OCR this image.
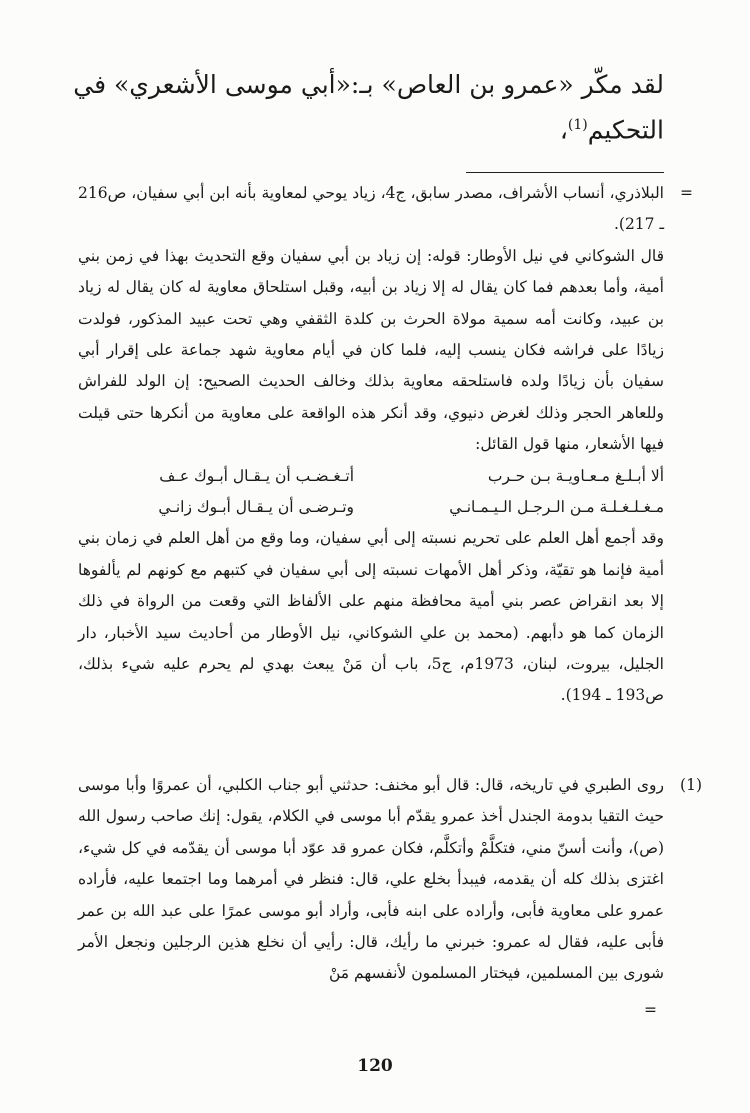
لقد مكّر «عمرو بن العاص» بـ:«أبي موسى الأشعري» في التحكيم$^{(1)}$،
=

البلاذري، أنساب الأشراف، مصدر سابق، ج4، زياد يوحي لمعاوية بأنه ابن أبي سفيان، ص216 ـ 217).

قال الشوكاني في نيل الأوطار: قوله: إن زياد بن أبي سفيان وقع التحديث بهذا في زمن بني أمية، وأما بعدهم فما كان يقال له إلا زياد بن أبيه، وقبل استلحاق معاوية له كان يقال له زياد بن عبيد، وكانت أمه سمية مولاة الحرث بن كلدة الثقفي وهي تحت عبيد المذكور، فولدت زيادًا على فراشه فكان ينسب إليه، فلما كان في أيام معاوية شهد جماعة على إقرار أبي سفيان بأن زيادًا ولده فاستلحقه معاوية بذلك وخالف الحديث الصحيح: إن الولد للفراش وللعاهر الحجر وذلك لغرض دنيوي، وقد أنكر هذه الواقعة على معاوية من أنكرها حتى قيلت فيها الأشعار، منها قول القائل:

ألا أبـلـغ مـعـاويـة بـن حـرب
أتـغـضـب أن يـقـال أبـوك عـف
مـغـلـغـلـة مـن الـرجـل الـيـمـانـي
وتـرضـى أن يـقـال أبـوك زانـي

وقد أجمع أهل العلم على تحريم نسبته إلى أبي سفيان، وما وقع من أهل العلم في زمان بني أمية فإنما هو تقيّة، وذكر أهل الأمهات نسبته إلى أبي سفيان في كتبهم مع كونهم لم يألفوها إلا بعد انقراض عصر بني أمية محافظة منهم على الألفاظ التي وقعت من الرواة في ذلك الزمان كما هو دأبهم. (محمد بن علي الشوكاني، نيل الأوطار من أحاديث سيد الأخبار، دار الجليل، بيروت، لبنان، 1973م، ج5، باب أن مَنْ يبعث بهدي لم يحرم عليه شيء بذلك، ص193 ـ 194).

(1)

روى الطبري في تاريخه، قال: قال أبو مخنف: حدثني أبو جناب الكلبي، أن عمروًا وأبا موسى حيث التقيا بدومة الجندل أخذ عمرو يقدّم أبا موسى في الكلام، يقول: إنك صاحب رسول الله (ص)، وأنت أسنّ مني، فتكلَّمْ وأتكلَّم، فكان عمرو قد عوّد أبا موسى أن يقدّمه في كل شيء، اغتزى بذلك كله أن يقدمه، فيبدأ بخلع علي، قال: فنظر في أمرهما وما اجتمعا عليه، فأراده عمرو على معاوية فأبى، وأراده على ابنه فأبى، وأراد أبو موسى عمرًا على عبد الله بن عمر فأبى عليه، فقال له عمرو: خبرني ما رأيك، قال: رأيي أن نخلع هذين الرجلين ونجعل الأمر شورى بين المسلمين، فيختار المسلمون لأنفسهم مَنْ

=
120
